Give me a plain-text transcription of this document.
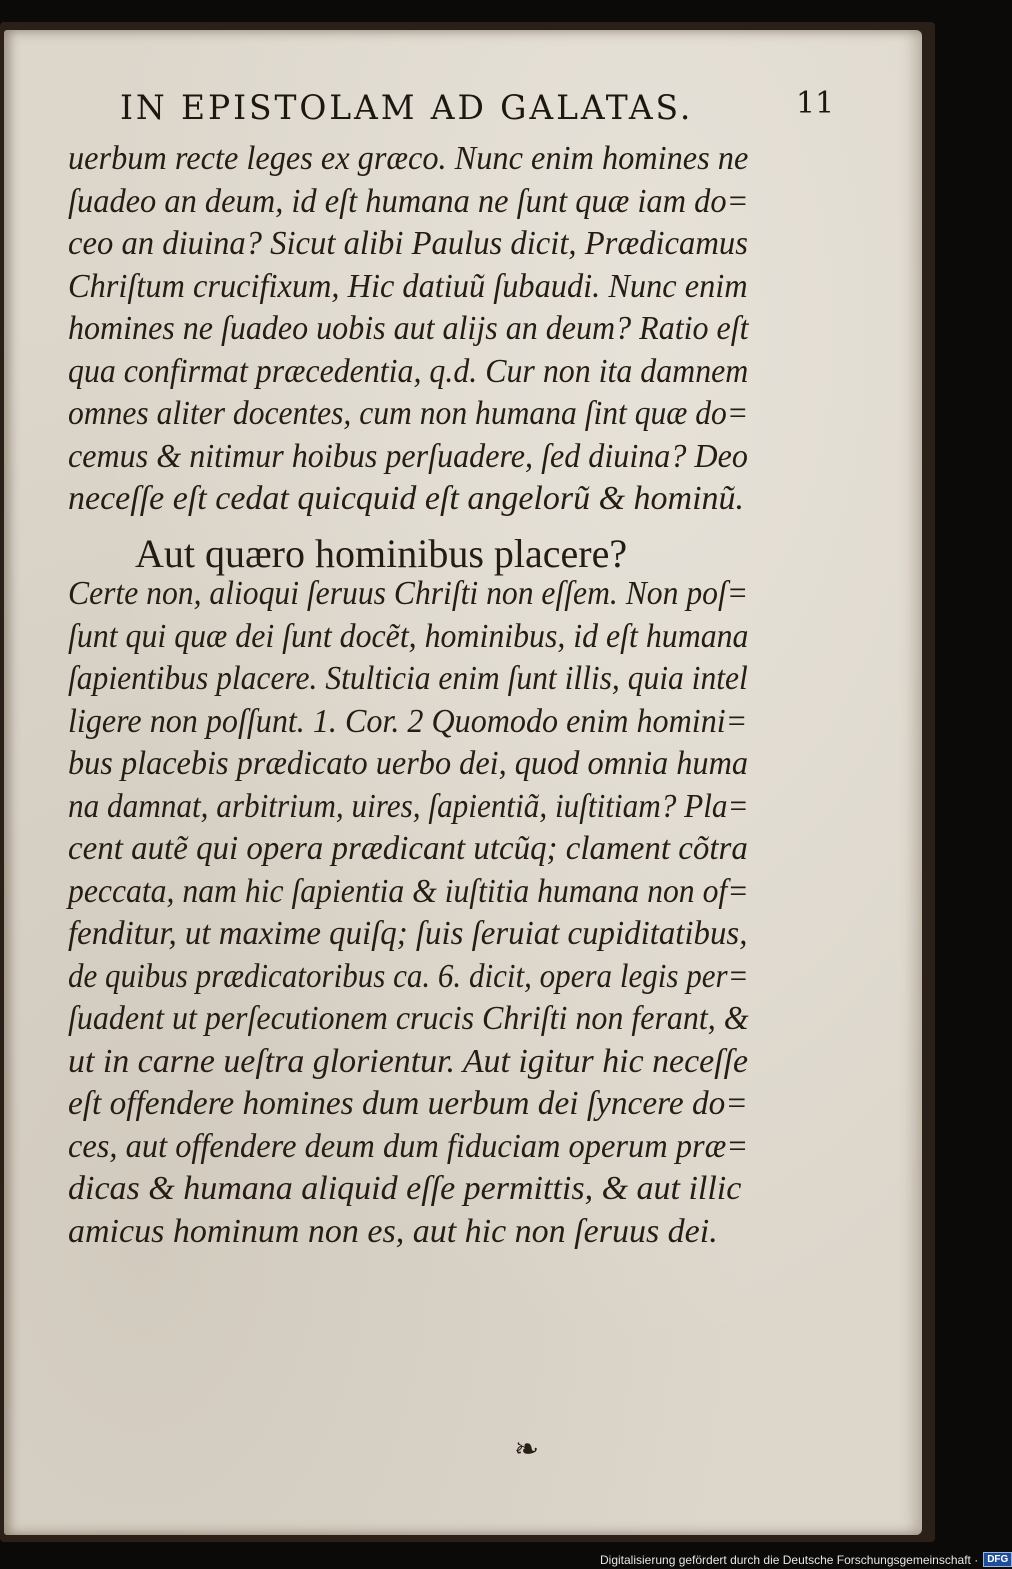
IN EPISTOLAM AD GALATAS.	11
uerbum recte leges ex græco. Nunc enim homines ne
ſuadeo an deum, id eſt humana ne ſunt quæ iam do=
ceo an diuina? Sicut alibi Paulus dicit, Prædicamus
Chriſtum crucifixum, Hic datiuũ ſubaudi. Nunc enim
homines ne ſuadeo uobis aut alijs an deum? Ratio eſt
qua confirmat præcedentia, q.d. Cur non ita damnem
omnes aliter docentes, cum non humana ſint quæ do=
cemus & nitimur hoibus perſuadere, ſed diuina? Deo
neceſſe eſt cedat quicquid eſt angelorũ & hominũ.
Aut quæro hominibus placere?
Certe non, alioqui ſeruus Chriſti non eſſem. Non poſ=
ſunt qui quæ dei ſunt docẽt, hominibus, id eſt humana
ſapientibus placere. Stulticia enim ſunt illis, quia intel
ligere non poſſunt. 1. Cor. 2 Quomodo enim homini=
bus placebis prædicato uerbo dei, quod omnia huma
na damnat, arbitrium, uires, ſapientiã, iuſtitiam? Pla=
cent autẽ qui opera prædicant utcũq; clament cõtra
peccata, nam hic ſapientia & iuſtitia humana non of=
fenditur, ut maxime quiſq; ſuis ſeruiat cupiditatibus,
de quibus prædicatoribus ca. 6. dicit, opera legis per=
ſuadent ut perſecutionem crucis Chriſti non ferant, &
ut in carne ueſtra glorientur. Aut igitur hic neceſſe
eſt offendere homines dum uerbum dei ſyncere do=
ces, aut offendere deum dum fiduciam operum præ=
dicas & humana aliquid eſſe permittis, & aut illic
amicus hominum non es, aut hic non ſeruus dei.
❧
Digitalisierung gefördert durch die Deutsche Forschungsgemeinschaft · DFG
